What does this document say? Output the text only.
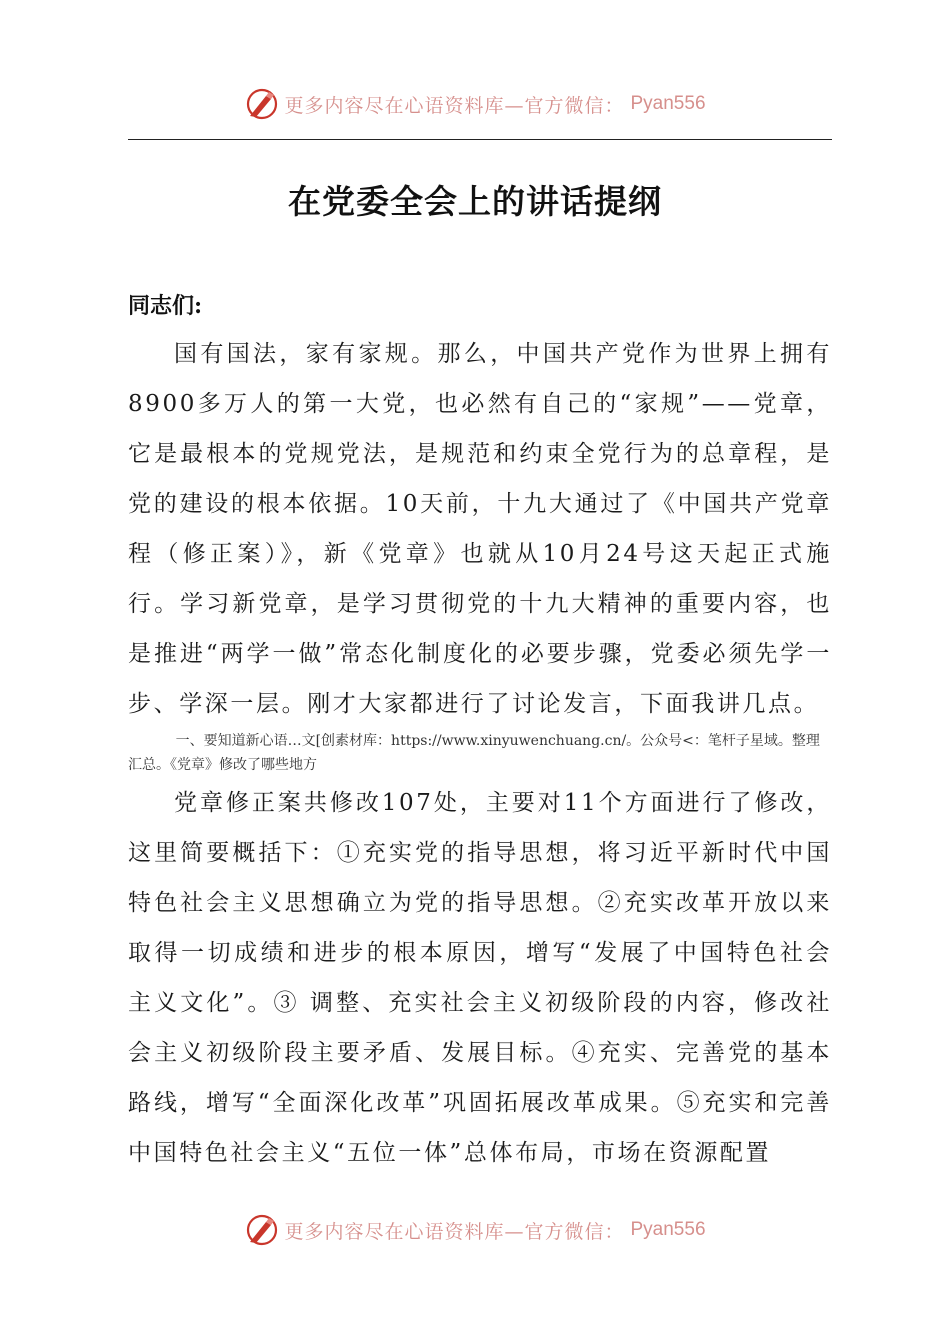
更多内容尽在心语资料库—官方微信： Pyan556
在党委全会上的讲话提纲
同志们:
国有国法，家有家规。那么，中国共产党作为世界上拥有8900多万人的第一大党，也必然有自己的“家规”——党章，它是最根本的党规党法，是规范和约束全党行为的总章程，是党的建设的根本依据。10天前，十九大通过了《中国共产党章程（修正案）》，新《党章》也就从10月24号这天起正式施行。学习新党章，是学习贯彻党的十九大精神的重要内容，也是推进“两学一做”常态化制度化的必要步骤，党委必须先学一步、学深一层。刚才大家都进行了讨论发言，下面我讲几点。
一、要知道新心语…文[创素材库：https://www.xinyuwenchuang.cn/。公众号<：笔杆子星域。整理汇总。《党章》修改了哪些地方
党章修正案共修改107处，主要对11个方面进行了修改，这里简要概括下：①充实党的指导思想，将习近平新时代中国特色社会主义思想确立为党的指导思想。②充实改革开放以来取得一切成绩和进步的根本原因，增写“发展了中国特色社会主义文化”。③ 调整、充实社会主义初级阶段的内容，修改社会主义初级阶段主要矛盾、发展目标。④充实、完善党的基本路线，增写“全面深化改革”巩固拓展改革成果。⑤充实和完善中国特色社会主义“五位一体”总体布局，市场在资源配置
更多内容尽在心语资料库—官方微信： Pyan556
